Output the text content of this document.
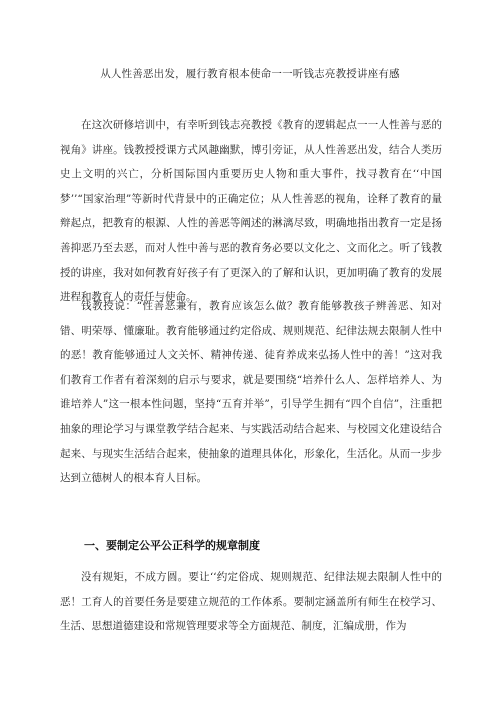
从人性善恶出发，履行教育根本使命一一听钱志亮教授讲座有感

在这次研修培训中，有幸听到钱志亮教授《教育的逻辑起点一一人性善与恶的视角》讲座。钱教授授课方式风趣幽默，博引旁证，从人性善恶出发，结合人类历史上文明的兴亡，分析国际国内重要历史人物和重大事件，找寻教育在‘‘中国梦’’“国家治理”等新时代背景中的正确定位；从人性善恶的视角，诠释了教育的量辩起点，把教育的根源、人性的善恶等阐述的淋漓尽致，明确地指出教育一定是扬善抑恶乃至去恶，而对人性中善与恶的教育务必要以文化之、文而化之。听了钱教授的讲座，我对如何教育好孩子有了更深入的了解和认识，更加明确了教育的发展进程和教育人的责任与使命。

钱教授说：“性善恶兼有，教育应该怎么做？教育能够教孩子辨善恶、知对错、明荣辱、懂廉耻。教育能够通过约定俗成、规则规范、纪律法规去限制人性中的恶！教育能够通过人文关怀、精神传递、徒育养成来弘扬人性中的善！”这对我们教育工作者有着深刻的启示与要求，就是要围绕“培养什么人、怎样培养人、为谁培养人”这一根本性问题，坚持“五育并举”，引导学生拥有“四个自信”，注重把抽象的理论学习与课堂教学结合起来、与实践活动结合起来、与校园文化建设结合起来、与现实生活结合起来，使抽象的道理具体化，形象化，生活化。从而一步步达到立德树人的根本育人目标。

一、要制定公平公正科学的规章制度

没有规矩，不成方圆。要让‘‘约定俗成、规则规范、纪律法规去限制人性中的恶！工育人的首要任务是要建立规范的工作体系。要制定涵盖所有师生在校学习、生活、思想道德建设和常规管理要求等全方面规范、制度，汇编成册，作为
